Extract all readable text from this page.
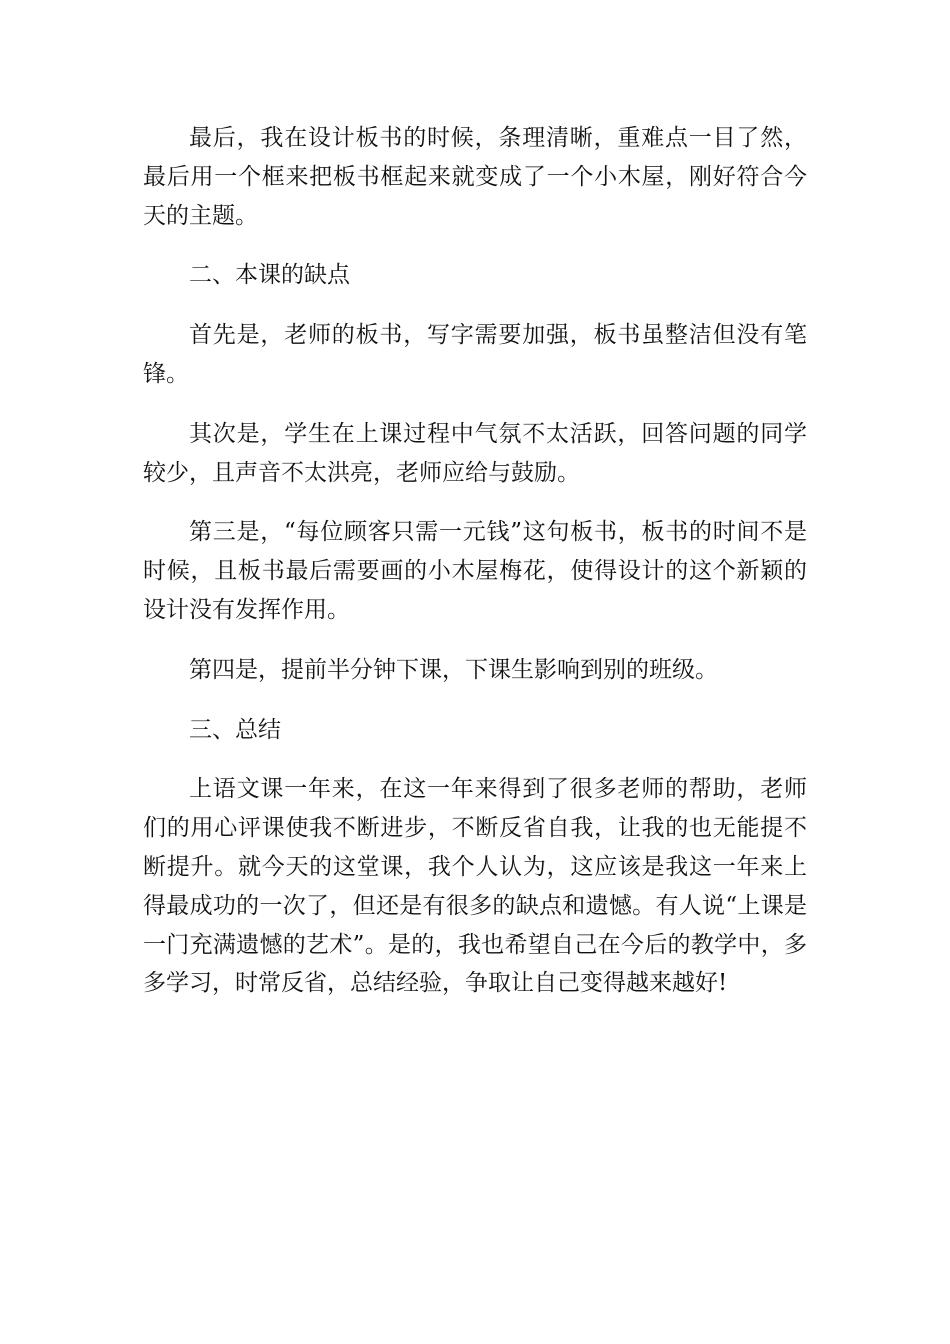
最后，我在设计板书的时候，条理清晰，重难点一目了然，最后用一个框来把板书框起来就变成了一个小木屋，刚好符合今天的主题。

二、本课的缺点

首先是，老师的板书，写字需要加强，板书虽整洁但没有笔锋。

其次是，学生在上课过程中气氛不太活跃，回答问题的同学较少，且声音不太洪亮，老师应给与鼓励。

第三是，“每位顾客只需一元钱”这句板书，板书的时间不是时候，且板书最后需要画的小木屋梅花，使得设计的这个新颖的设计没有发挥作用。

第四是，提前半分钟下课，下课生影响到别的班级。

三、总结

上语文课一年来，在这一年来得到了很多老师的帮助，老师们的用心评课使我不断进步，不断反省自我，让我的也无能提不断提升。就今天的这堂课，我个人认为，这应该是我这一年来上得最成功的一次了，但还是有很多的缺点和遗憾。有人说“上课是一门充满遗憾的艺术”。是的，我也希望自己在今后的教学中，多多学习，时常反省，总结经验，争取让自己变得越来越好!
